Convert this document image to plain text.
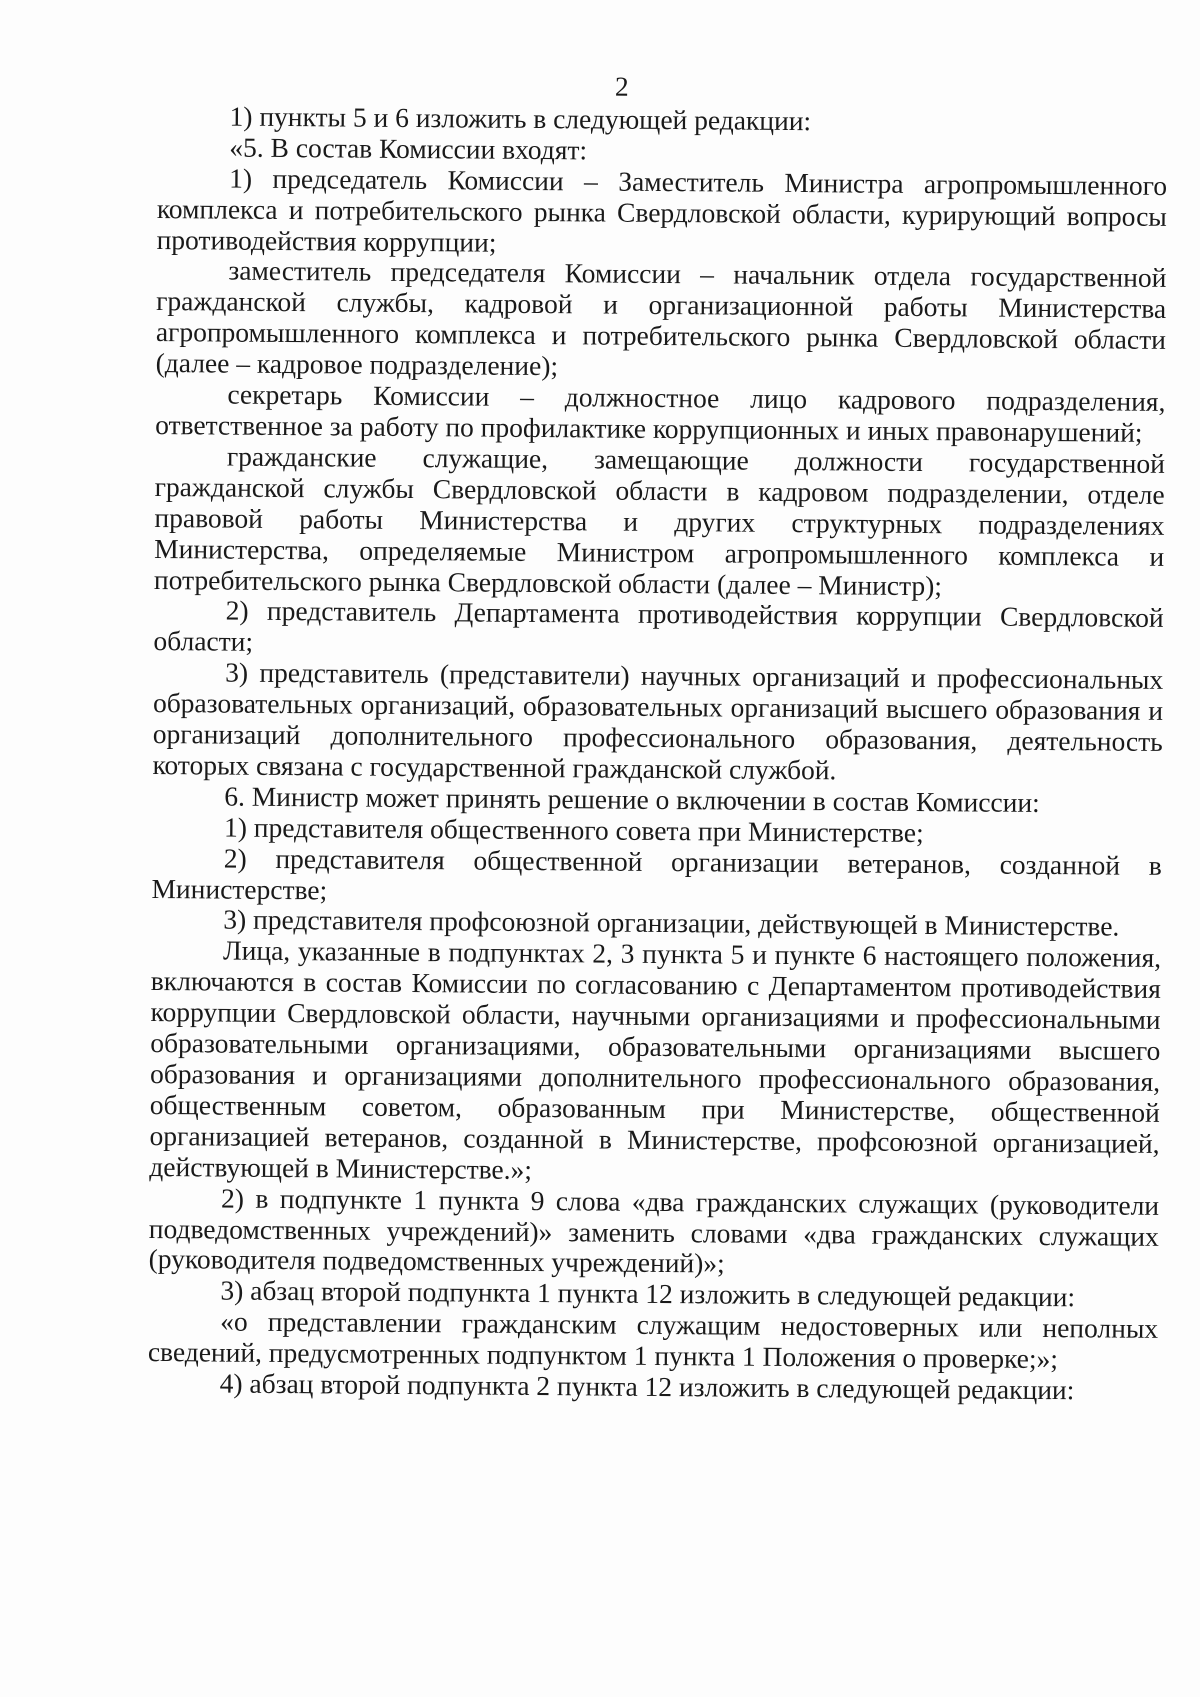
2

1) пункты 5 и 6 изложить в следующей редакции:

«5. В состав Комиссии входят:

1) председатель Комиссии – Заместитель Министра агропромышленного комплекса и потребительского рынка Свердловской области, курирующий вопросы противодействия коррупции;

заместитель председателя Комиссии – начальник отдела государственной гражданской службы, кадровой и организационной работы Министерства агропромышленного комплекса и потребительского рынка Свердловской области (далее – кадровое подразделение);

секретарь Комиссии – должностное лицо кадрового подразделения, ответственное за работу по профилактике коррупционных и иных правонарушений;

гражданские служащие, замещающие должности государственной гражданской службы Свердловской области в кадровом подразделении, отделе правовой работы Министерства и других структурных подразделениях Министерства, определяемые Министром агропромышленного комплекса и потребительского рынка Свердловской области (далее – Министр);

2) представитель Департамента противодействия коррупции Свердловской области;

3) представитель (представители) научных организаций и профессиональных образовательных организаций, образовательных организаций высшего образования и организаций дополнительного профессионального образования, деятельность которых связана с государственной гражданской службой.

6. Министр может принять решение о включении в состав Комиссии:

1) представителя общественного совета при Министерстве;

2) представителя общественной организации ветеранов, созданной в Министерстве;

3) представителя профсоюзной организации, действующей в Министерстве.

Лица, указанные в подпунктах 2, 3 пункта 5 и пункте 6 настоящего положения, включаются в состав Комиссии по согласованию с Департаментом противодействия коррупции Свердловской области, научными организациями и профессиональными образовательными организациями, образовательными организациями высшего образования и организациями дополнительного профессионального образования, общественным советом, образованным при Министерстве, общественной организацией ветеранов, созданной в Министерстве, профсоюзной организацией, действующей в Министерстве.»;

2) в подпункте 1 пункта 9 слова «два гражданских служащих (руководители подведомственных учреждений)» заменить словами «два гражданских служащих (руководителя подведомственных учреждений)»;

3) абзац второй подпункта 1 пункта 12 изложить в следующей редакции:

«о представлении гражданским служащим недостоверных или неполных сведений, предусмотренных подпунктом 1 пункта 1 Положения о проверке;»;

4) абзац второй подпункта 2 пункта 12 изложить в следующей редакции:
